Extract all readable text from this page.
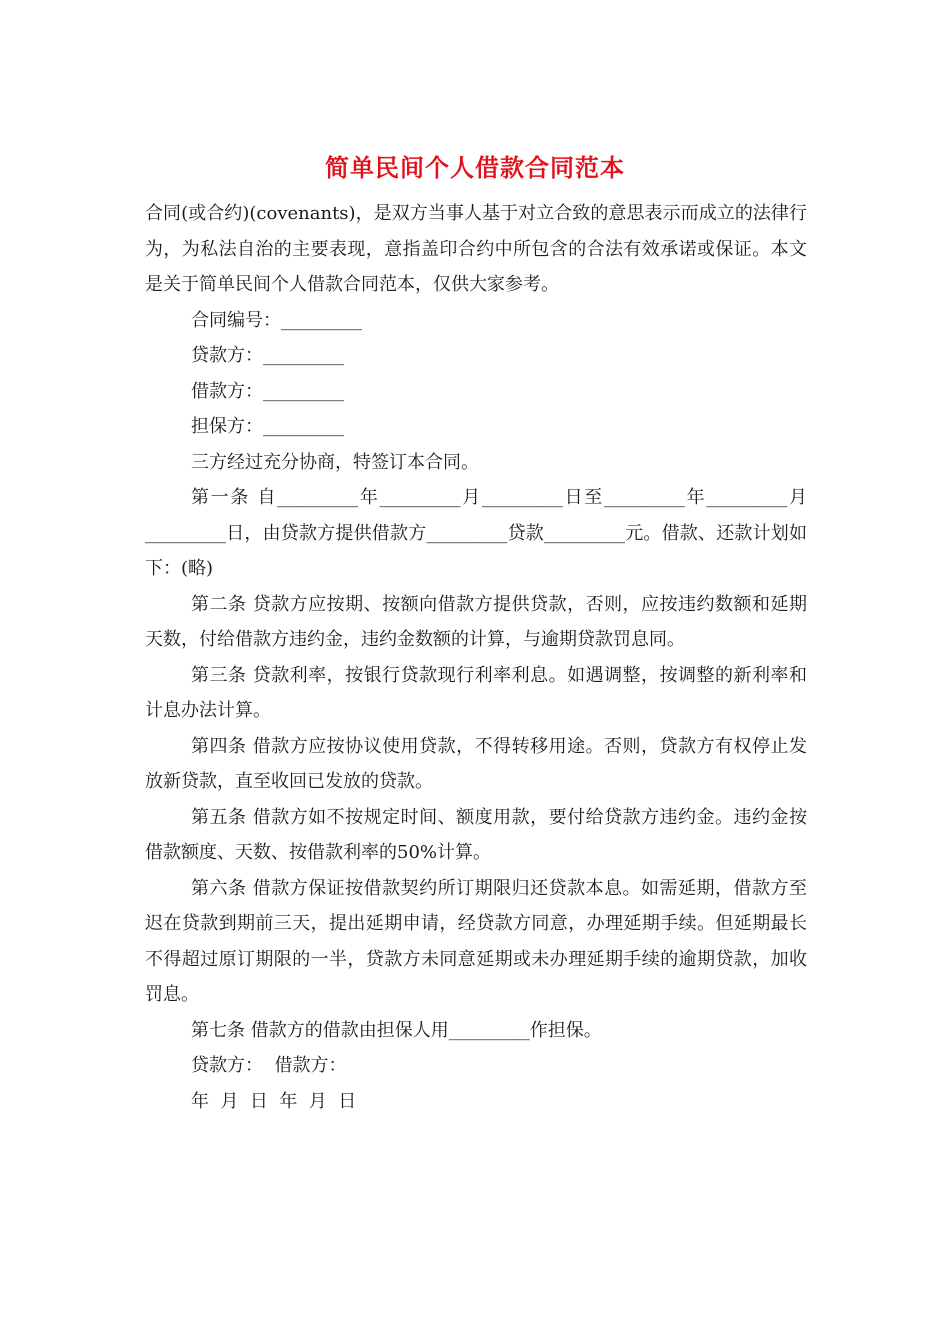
简单民间个人借款合同范本

合同(或合约)(covenants)，是双方当事人基于对立合致的意思表示而成立的法律行为，为私法自治的主要表现，意指盖印合约中所包含的合法有效承诺或保证。本文是关于简单民间个人借款合同范本，仅供大家参考。

合同编号：_________

贷款方：_________

借款方：_________

担保方：_________

三方经过充分协商，特签订本合同。

第一条 自_________年_________月_________日至_________年_________月_________日，由贷款方提供借款方_________贷款_________元。借款、还款计划如下：(略)

第二条 贷款方应按期、按额向借款方提供贷款，否则，应按违约数额和延期天数，付给借款方违约金，违约金数额的计算，与逾期贷款罚息同。

第三条 贷款利率，按银行贷款现行利率利息。如遇调整，按调整的新利率和计息办法计算。

第四条 借款方应按协议使用贷款，不得转移用途。否则，贷款方有权停止发放新贷款，直至收回已发放的贷款。

第五条 借款方如不按规定时间、额度用款，要付给贷款方违约金。违约金按借款额度、天数、按借款利率的50%计算。

第六条 借款方保证按借款契约所订期限归还贷款本息。如需延期，借款方至迟在贷款到期前三天，提出延期申请，经贷款方同意，办理延期手续。但延期最长不得超过原订期限的一半，贷款方未同意延期或未办理延期手续的逾期贷款，加收罚息。

第七条 借款方的借款由担保人用_________作担保。

贷款方：  借款方：

年  月  日  年  月  日
